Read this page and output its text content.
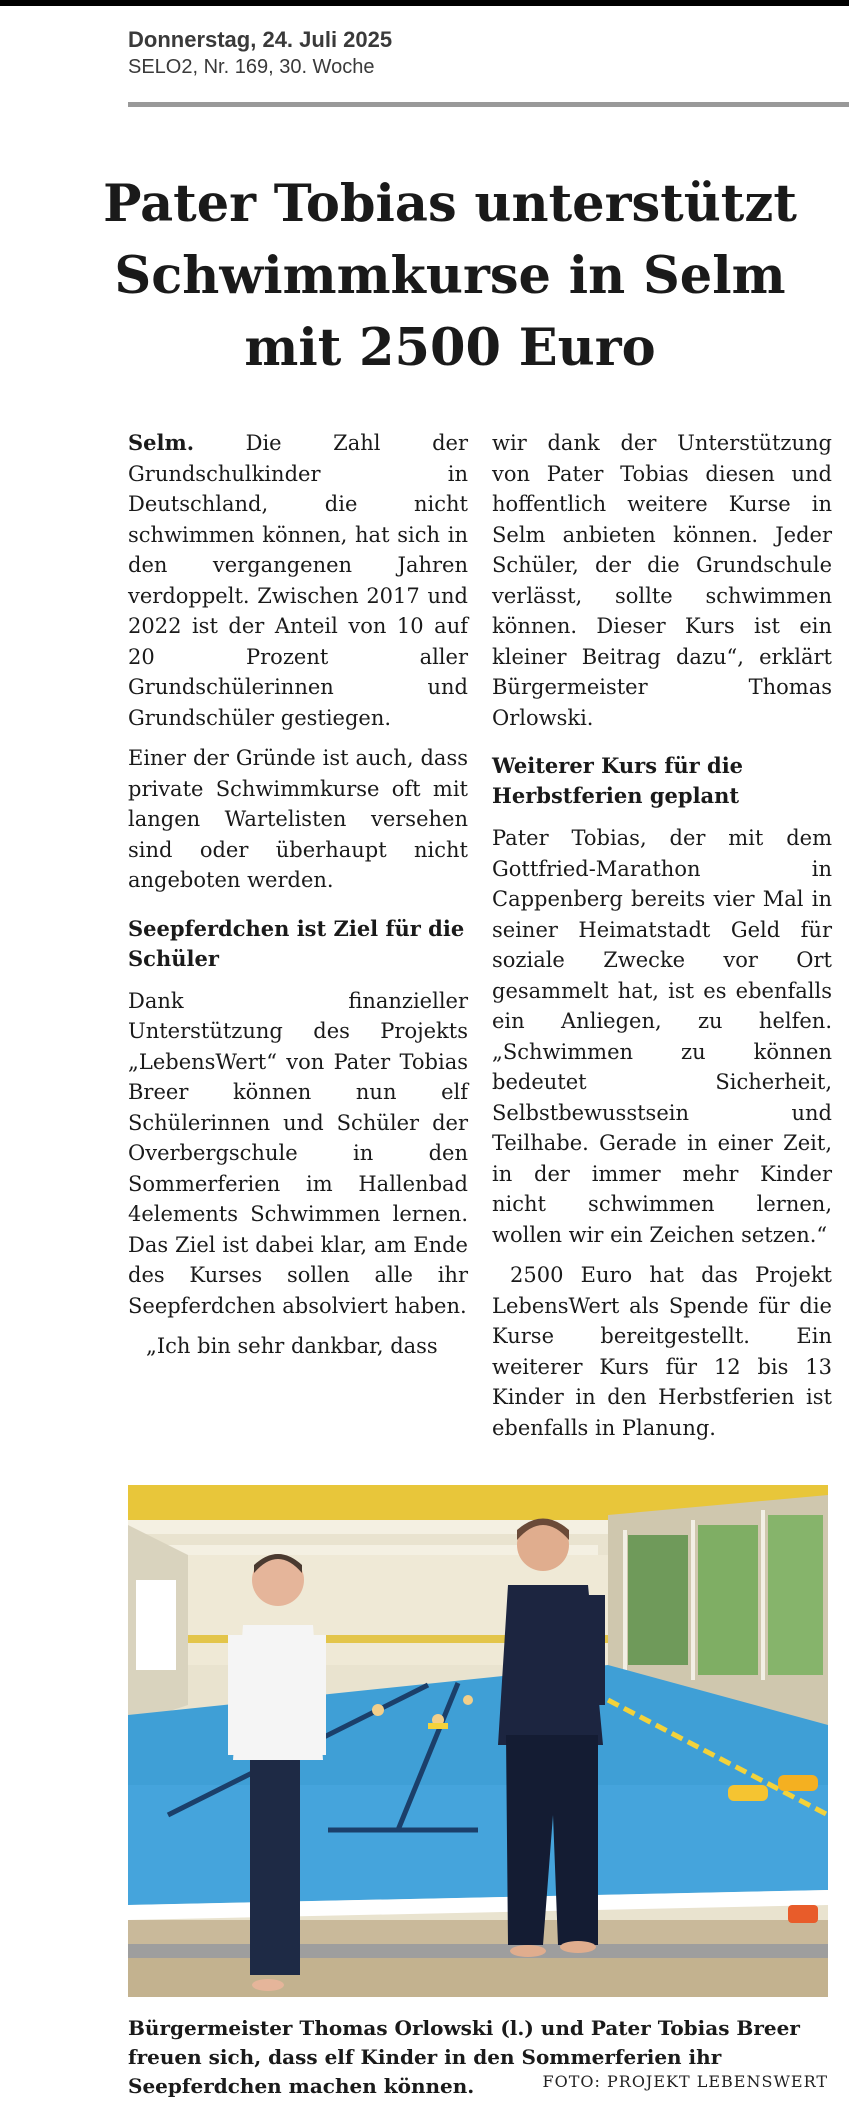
Donnerstag, 24. Juli 2025
SELO2, Nr. 169, 30. Woche
Pater Tobias unterstützt
Schwimmkurse in Selm
mit 2500 Euro

Selm. Die Zahl der Grundschulkinder in Deutschland, die nicht schwimmen können, hat sich in den vergangenen Jahren verdoppelt. Zwischen 2017 und 2022 ist der Anteil von 10 auf 20 Prozent aller Grundschülerinnen und Grundschüler gestiegen.

Einer der Gründe ist auch, dass private Schwimmkurse oft mit langen Wartelisten versehen sind oder überhaupt nicht angeboten werden.

Seepferdchen ist Ziel für die Schüler

Dank finanzieller Unterstützung des Projekts „LebensWert“ von Pater Tobias Breer können nun elf Schülerinnen und Schüler der Overbergschule in den Sommerferien im Hallenbad 4elements Schwimmen lernen. Das Ziel ist dabei klar, am Ende des Kurses sollen alle ihr Seepferdchen absolviert haben.

„Ich bin sehr dankbar, dass

wir dank der Unterstützung von Pater Tobias diesen und hoffentlich weitere Kurse in Selm anbieten können. Jeder Schüler, der die Grundschule verlässt, sollte schwimmen können. Dieser Kurs ist ein kleiner Beitrag dazu“, erklärt Bürgermeister Thomas Orlowski.

Weiterer Kurs für die Herbstferien geplant

Pater Tobias, der mit dem Gottfried-Marathon in Cappenberg bereits vier Mal in seiner Heimatstadt Geld für soziale Zwecke vor Ort gesammelt hat, ist es ebenfalls ein Anliegen, zu helfen. „Schwimmen zu können bedeutet Sicherheit, Selbstbewusstsein und Teilhabe. Gerade in einer Zeit, in der immer mehr Kinder nicht schwimmen lernen, wollen wir ein Zeichen setzen.“

2500 Euro hat das Projekt LebensWert als Spende für die Kurse bereitgestellt. Ein weiterer Kurs für 12 bis 13 Kinder in den Herbstferien ist ebenfalls in Planung.

Bürgermeister Thomas Orlowski (l.) und Pater Tobias Breer freuen sich, dass elf Kinder in den Sommerferien ihr Seepferdchen machen können.	FOTO: PROJEKT LEBENSWERT
